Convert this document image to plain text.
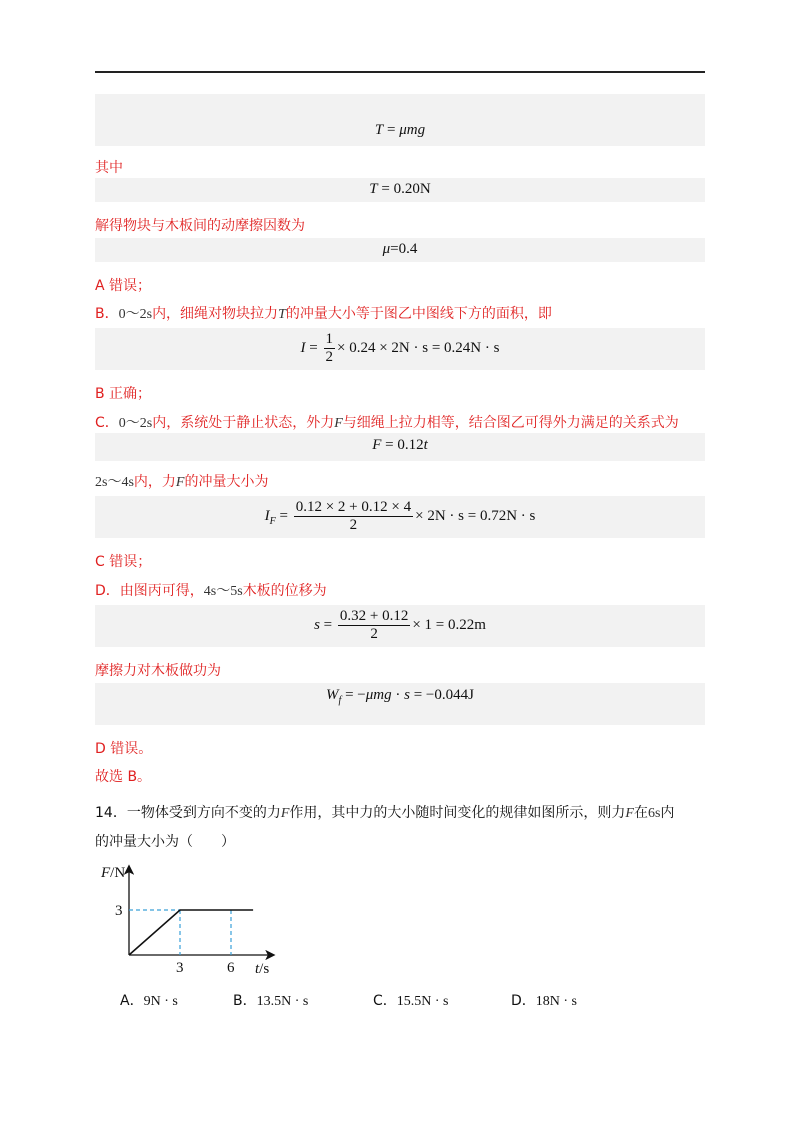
T = μmg
其中
T = 0.20N
解得物块与木板间的动摩擦因数为
μ=0.4
A 错误；
B．0～2s内，细绳对物块拉力T的冲量大小等于图乙中图线下方的面积，即
$I = \frac{1}{2} \times 0.24 \times 2N \cdot s = 0.24N \cdot s$
B 正确；
C．0～2s内，系统处于静止状态，外力F与细绳上拉力相等，结合图乙可得外力满足的关系式为
F = 0.12t
2s～4s内，力F的冲量大小为
$I_F = \frac{0.12 \times 2 + 0.12 \times 4}{2} \times 2N \cdot s = 0.72N \cdot s$
C 错误；
D．由图丙可得，4s～5s木板的位移为
$s = \frac{0.32 + 0.12}{2} \times 1 = 0.22m$
摩擦力对木板做功为
$W_f = -\mu mg \cdot s = -0.044J$
D 错误。
故选 B。
14．一物体受到方向不变的力F作用，其中力的大小随时间变化的规律如图所示，则力F在6s内
的冲量大小为（　　）
F/N
t/s
3	6
3
A．9N · s	B．13.5N · s	C．15.5N · s	D．18N · s
